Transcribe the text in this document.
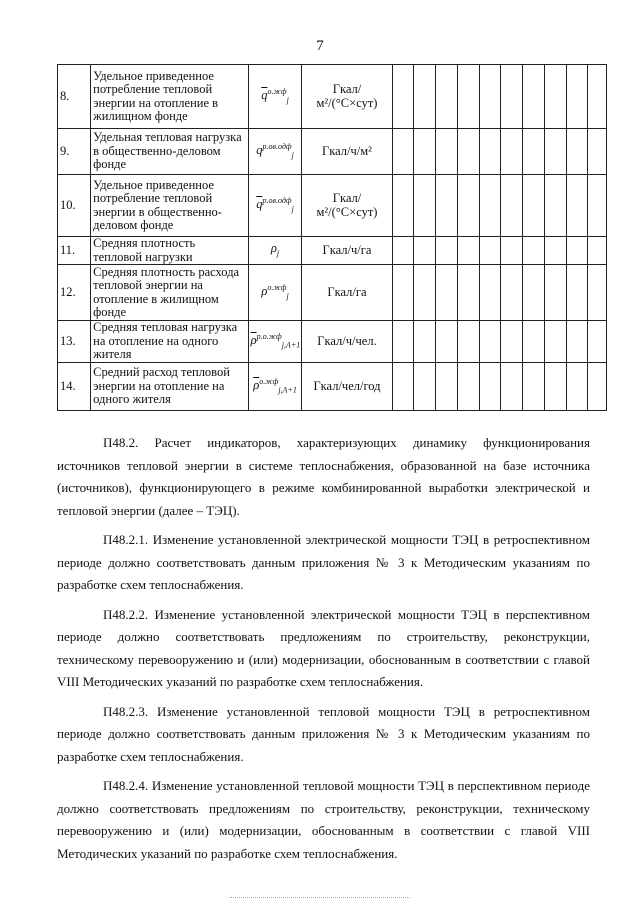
7
8.	Удельное приведенное потребление тепловой энергии на отопление в жилищном фонде	$\overline{q}^{о.жф}_j$	Гкал/м²/(°С×сут)										
9.	Удельная тепловая нагрузка в общественно-деловом фонде	$q^{р.ов.одф}_j$	Гкал/ч/м²										
10.	Удельное приведенное потребление тепловой энергии в общественно-деловом фонде	$\overline{q}^{р.ов.одф}_j$	Гкал/м²/(°С×сут)										
11.	Средняя плотность тепловой нагрузки	$\rho_j$	Гкал/ч/га										
12.	Средняя плотность расхода тепловой энергии на отопление в жилищном фонде	$\rho^{о.жф}_j$	Гкал/га										
13.	Средняя тепловая нагрузка на отопление на одного жителя	$\overline{\rho}^{р.о.жф}_{j,A+1}$	Гкал/ч/чел.										
14.	Средний расход тепловой энергии на отопление на одного жителя	$\overline{\rho}^{о.жф}_{j,A+1}$	Гкал/чел/год										

П48.2. Расчет индикаторов, характеризующих динамику функционирования источников тепловой энергии в системе теплоснабжения, образованной на базе источника (источников), функционирующего в режиме комбинированной выработки электрической и тепловой энергии (далее – ТЭЦ).

П48.2.1. Изменение установленной электрической мощности ТЭЦ в ретроспективном периоде должно соответствовать данным приложения № 3 к Методическим указаниям по разработке схем теплоснабжения.

П48.2.2. Изменение установленной электрической мощности ТЭЦ в перспективном периоде должно соответствовать предложениям по строительству, реконструкции, техническому перевооружению и (или) модернизации, обоснованным в соответствии с главой VIII Методических указаний по разработке схем теплоснабжения.

П48.2.3. Изменение установленной тепловой мощности ТЭЦ в ретроспективном периоде должно соответствовать данным приложения № 3 к Методическим указаниям по разработке схем теплоснабжения.

П48.2.4. Изменение установленной тепловой мощности ТЭЦ в перспективном периоде должно соответствовать предложениям по строительству, реконструкции, техническому перевооружению и (или) модернизации, обоснованным в соответствии с главой VIII Методических указаний по разработке схем теплоснабжения.
